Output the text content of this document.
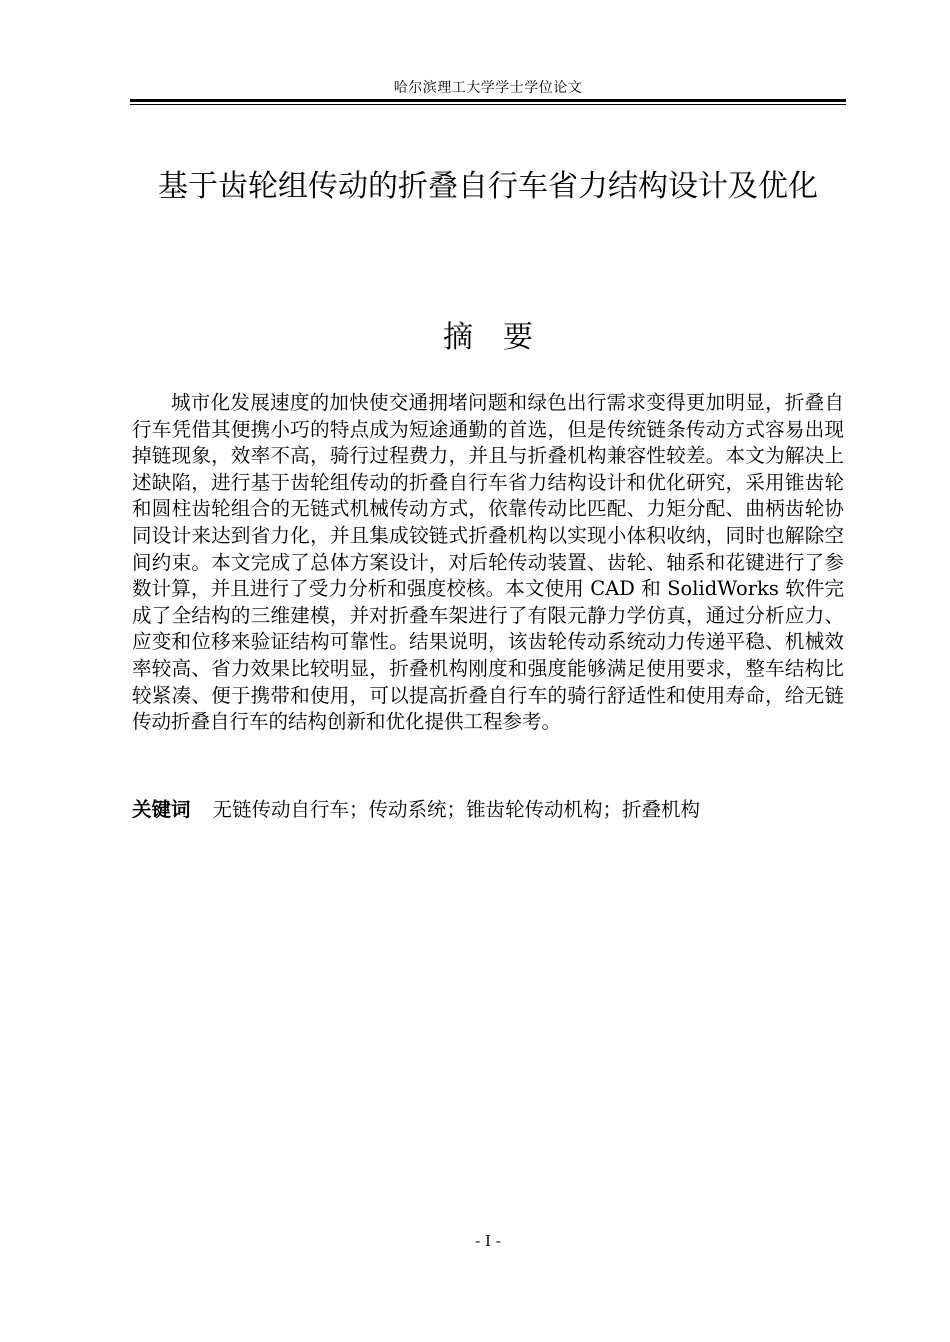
哈尔滨理工大学学士学位论文
基于齿轮组传动的折叠自行车省力结构设计及优化
摘要

城市化发展速度的加快使交通拥堵问题和绿色出行需求变得更加明显，折叠自行车凭借其便携小巧的特点成为短途通勤的首选，但是传统链条传动方式容易出现掉链现象，效率不高，骑行过程费力，并且与折叠机构兼容性较差。本文为解决上述缺陷，进行基于齿轮组传动的折叠自行车省力结构设计和优化研究，采用锥齿轮和圆柱齿轮组合的无链式机械传动方式，依靠传动比匹配、力矩分配、曲柄齿轮协同设计来达到省力化，并且集成铰链式折叠机构以实现小体积收纳，同时也解除空间约束。本文完成了总体方案设计，对后轮传动装置、齿轮、轴系和花键进行了参数计算，并且进行了受力分析和强度校核。本文使用 CAD 和 SolidWorks 软件完成了全结构的三维建模，并对折叠车架进行了有限元静力学仿真，通过分析应力、应变和位移来验证结构可靠性。结果说明，该齿轮传动系统动力传递平稳、机械效率较高、省力效果比较明显，折叠机构刚度和强度能够满足使用要求，整车结构比较紧凑、便于携带和使用，可以提高折叠自行车的骑行舒适性和使用寿命，给无链传动折叠自行车的结构创新和优化提供工程参考。

关键词 无链传动自行车；传动系统；锥齿轮传动机构；折叠机构
- I -
